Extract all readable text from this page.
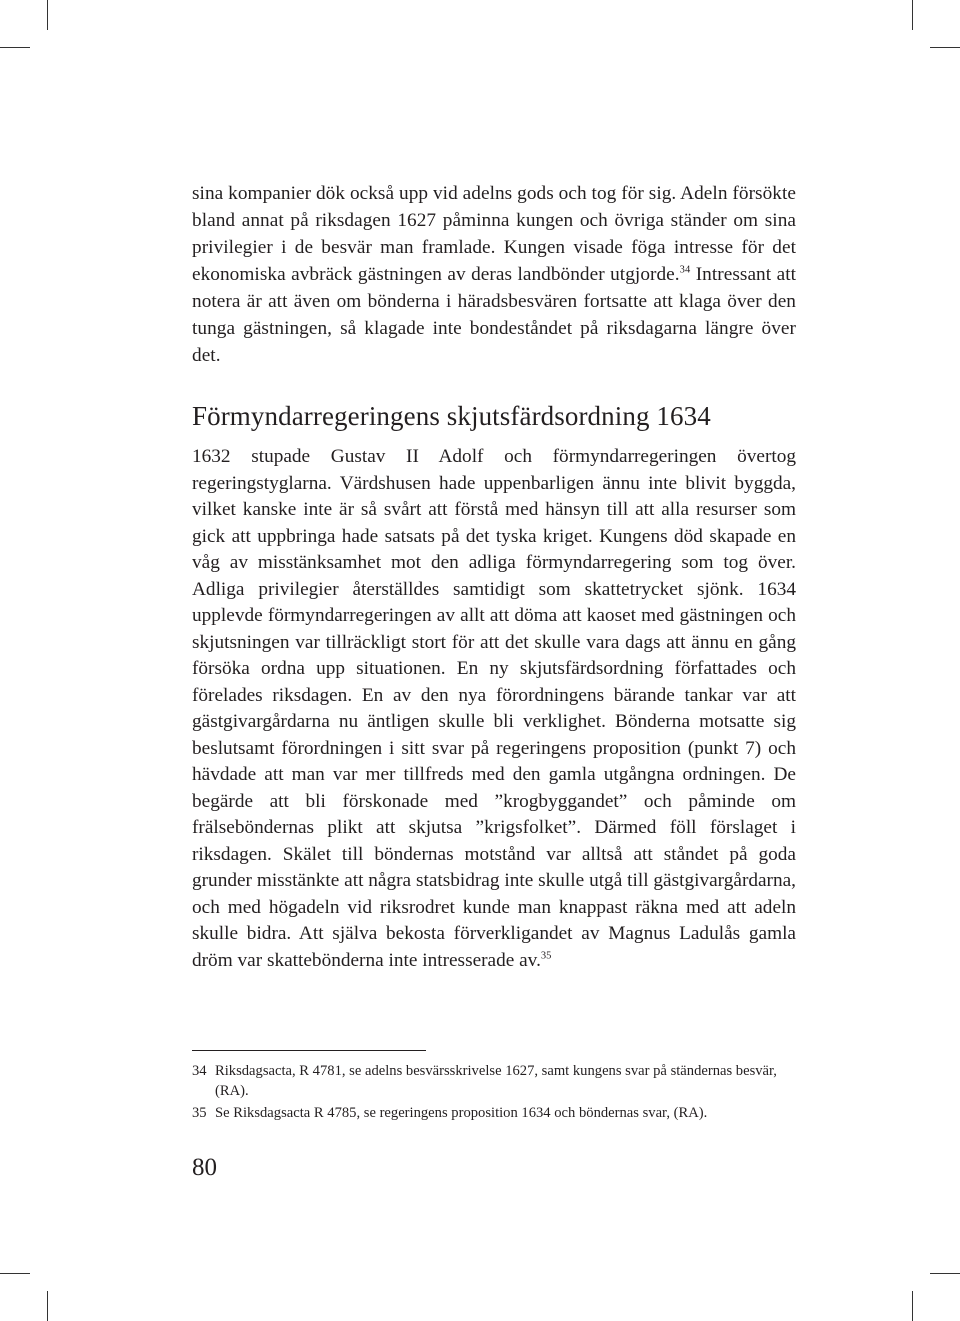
sina kompanier dök också upp vid adelns gods och tog för sig. Adeln försökte bland annat på riksdagen 1627 påminna kungen och övriga ständer om sina privilegier i de besvär man framlade. Kungen visade föga intresse för det ekonomiska avbräck gästningen av deras landbönder utgjorde.$^{34}$ Intressant att notera är att även om bönderna i häradsbesvären fortsatte att klaga över den tunga gästningen, så klagade inte bondeståndet på riksdagarna längre över det.

Förmyndarregeringens skjutsfärdsordning 1634

1632 stupade Gustav II Adolf och förmyndarregeringen övertog regeringstyglarna. Värdshusen hade uppenbarligen ännu inte blivit byggda, vilket kanske inte är så svårt att förstå med hänsyn till att alla resurser som gick att uppbringa hade satsats på det tyska kriget. Kungens död skapade en våg av misstänksamhet mot den adliga förmyndarregering som tog över. Adliga privilegier återställdes samtidigt som skattetrycket sjönk. 1634 upplevde förmyndarregeringen av allt att döma att kaoset med gästningen och skjutsningen var tillräckligt stort för att det skulle vara dags att ännu en gång försöka ordna upp situationen. En ny skjutsfärdsordning författades och förelades riksdagen. En av den nya förordningens bärande tankar var att gästgivargårdarna nu äntligen skulle bli verklighet. Bönderna motsatte sig beslutsamt förordningen i sitt svar på regeringens proposition (punkt 7) och hävdade att man var mer tillfreds med den gamla utgångna ordningen. De begärde att bli förskonade med ”krogbyggandet” och påminde om frälseböndernas plikt att skjutsa ”krigsfolket”. Därmed föll förslaget i riksdagen. Skälet till böndernas motstånd var alltså att ståndet på goda grunder misstänkte att några statsbidrag inte skulle utgå till gästgivargårdarna, och med högadeln vid riksrodret kunde man knappast räkna med att adeln skulle bidra. Att själva bekosta förverkligandet av Magnus Ladulås gamla dröm var skattebönderna inte intresserade av.$^{35}$

34 Riksdagsacta, R 4781, se adelns besvärsskrivelse 1627, samt kungens svar på ständernas besvär, (RA).
35 Se Riksdagsacta R 4785, se regeringens proposition 1634 och böndernas svar, (RA).
80
